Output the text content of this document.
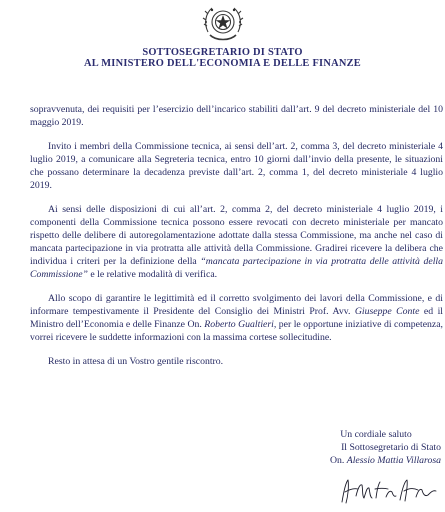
SOTTOSEGRETARIO DI STATO
AL MINISTERO DELL'ECONOMIA E DELLE FINANZE

sopravvenuta, dei requisiti per l’esercizio dell’incarico stabiliti dall’art. 9 del decreto ministeriale del 10 maggio 2019.

Invito i membri della Commissione tecnica, ai sensi dell’art. 2, comma 3, del decreto ministeriale 4 luglio 2019, a comunicare alla Segreteria tecnica, entro 10 giorni dall’invio della presente, le situazioni che possano determinare la decadenza previste dall’art. 2, comma 1, del decreto ministeriale 4 luglio 2019.

Ai sensi delle disposizioni di cui all’art. 2, comma 2, del decreto ministeriale 4 luglio 2019, i componenti della Commissione tecnica possono essere revocati con decreto ministeriale per mancato rispetto delle delibere di autoregolamentazione adottate dalla stessa Commissione, ma anche nel caso di mancata partecipazione in via protratta alle attività della Commissione. Gradirei ricevere la delibera che individua i criteri per la definizione della “mancata partecipazione in via protratta delle attività della Commissione” e le relative modalità di verifica.

Allo scopo di garantire le legittimità ed il corretto svolgimento dei lavori della Commissione, e di informare tempestivamente il Presidente del Consiglio dei Ministri Prof. Avv. Giuseppe Conte ed il Ministro dell’Economia e delle Finanze On. Roberto Gualtieri, per le opportune iniziative di competenza, vorrei ricevere le suddette informazioni con la massima cortese sollecitudine.

Resto in attesa di un Vostro gentile riscontro.

Un cordiale saluto
Il Sottosegretario di Stato
On. Alessio Mattia Villarosa
